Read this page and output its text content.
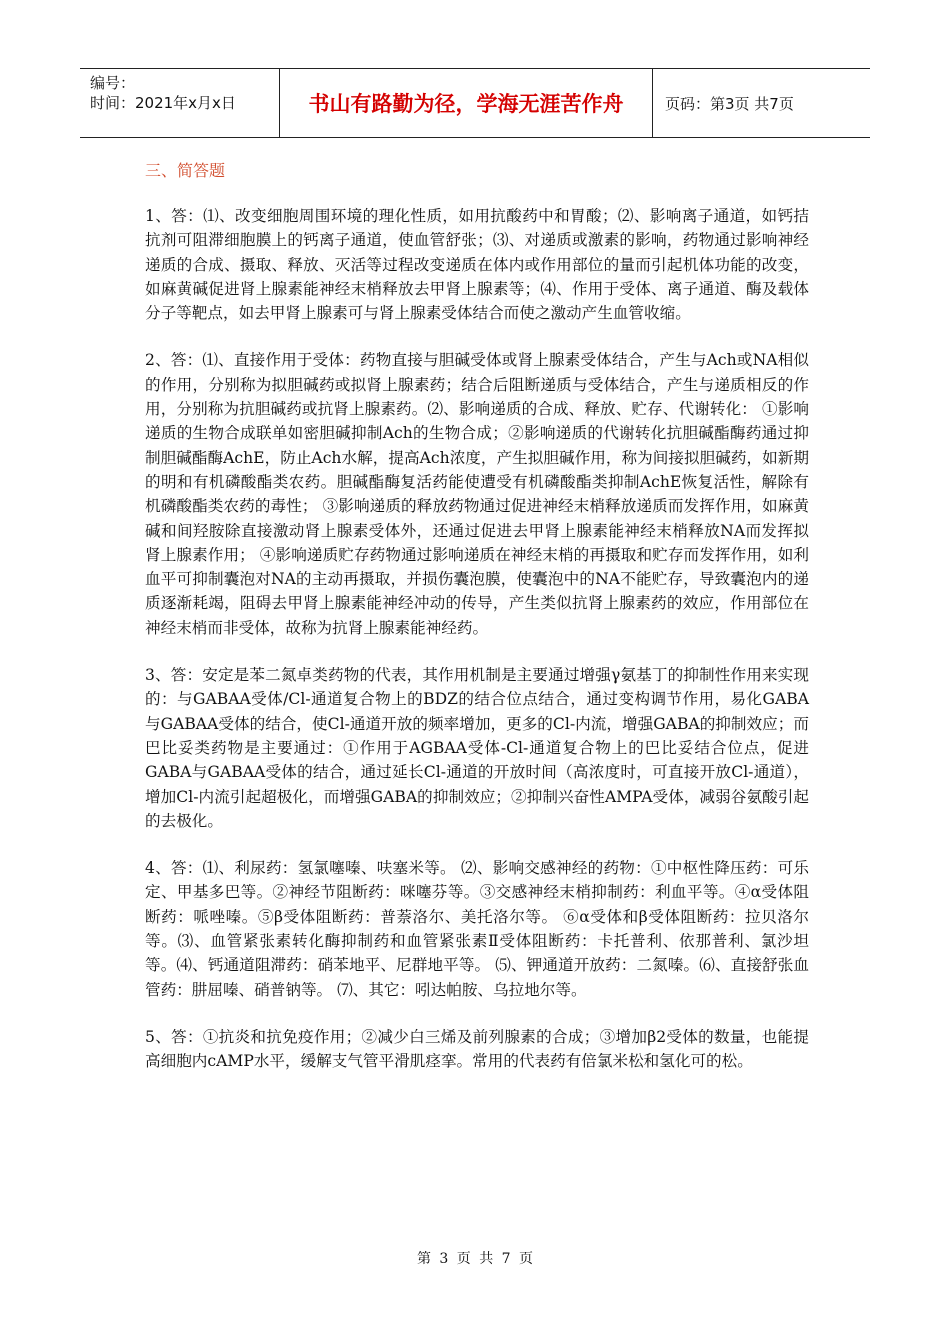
编号：
时间：2021年x月x日	书山有路勤为径，学海无涯苦作舟	页码：第3页 共7页

三、简答题

1、答：⑴、改变细胞周围环境的理化性质，如用抗酸药中和胃酸；⑵、影响离子通道，如钙拮抗剂可阻滞细胞膜上的钙离子通道，使血管舒张；⑶、对递质或激素的影响，药物通过影响神经递质的合成、摄取、释放、灭活等过程改变递质在体内或作用部位的量而引起机体功能的改变，如麻黄碱促进肾上腺素能神经末梢释放去甲肾上腺素等；⑷、作用于受体、离子通道、酶及载体分子等靶点，如去甲肾上腺素可与肾上腺素受体结合而使之激动产生血管收缩。

2、答：⑴、直接作用于受体：药物直接与胆碱受体或肾上腺素受体结合，产生与Ach或NA相似的作用，分别称为拟胆碱药或拟肾上腺素药；结合后阻断递质与受体结合，产生与递质相反的作用，分别称为抗胆碱药或抗肾上腺素药。⑵、影响递质的合成、释放、贮存、代谢转化： ①影响递质的生物合成联单如密胆碱抑制Ach的生物合成；②影响递质的代谢转化抗胆碱酯酶药通过抑制胆碱酯酶AchE，防止Ach水解，提高Ach浓度，产生拟胆碱作用，称为间接拟胆碱药，如新期的明和有机磷酸酯类农药。胆碱酯酶复活药能使遭受有机磷酸酯类抑制AchE恢复活性，解除有机磷酸酯类农药的毒性； ③影响递质的释放药物通过促进神经末梢释放递质而发挥作用，如麻黄碱和间羟胺除直接激动肾上腺素受体外，还通过促进去甲肾上腺素能神经末梢释放NA而发挥拟肾上腺素作用； ④影响递质贮存药物通过影响递质在神经末梢的再摄取和贮存而发挥作用，如利血平可抑制囊泡对NA的主动再摄取，并损伤囊泡膜，使囊泡中的NA不能贮存，导致囊泡内的递质逐渐耗竭，阻碍去甲肾上腺素能神经冲动的传导，产生类似抗肾上腺素药的效应，作用部位在神经末梢而非受体，故称为抗肾上腺素能神经药。

3、答：安定是苯二氮卓类药物的代表，其作用机制是主要通过增强γ氨基丁的抑制性作用来实现的：与GABAA受体/Cl-通道复合物上的BDZ的结合位点结合，通过变构调节作用，易化GABA与GABAA受体的结合，使Cl-通道开放的频率增加，更多的Cl-内流，增强GABA的抑制效应；而巴比妥类药物是主要通过：①作用于AGBAA受体-Cl-通道复合物上的巴比妥结合位点，促进GABA与GABAA受体的结合，通过延长Cl-通道的开放时间（高浓度时，可直接开放Cl-通道），增加Cl-内流引起超极化，而增强GABA的抑制效应；②抑制兴奋性AMPA受体，减弱谷氨酸引起的去极化。

4、答：⑴、利尿药：氢氯噻嗪、呋塞米等。 ⑵、影响交感神经的药物：①中枢性降压药：可乐定、甲基多巴等。②神经节阻断药：咪噻芬等。③交感神经末梢抑制药：利血平等。④α受体阻断药：哌唑嗪。⑤β受体阻断药：普萘洛尔、美托洛尔等。 ⑥α受体和β受体阻断药：拉贝洛尔等。⑶、血管紧张素转化酶抑制药和血管紧张素Ⅱ受体阻断药：卡托普利、依那普利、氯沙坦等。⑷、钙通道阻滞药：硝苯地平、尼群地平等。 ⑸、钾通道开放药：二氮嗪。⑹、直接舒张血管药：肼屈嗪、硝普钠等。 ⑺、其它：吲达帕胺、乌拉地尔等。

5、答：①抗炎和抗免疫作用；②减少白三烯及前列腺素的合成；③增加β2受体的数量，也能提高细胞内cAMP水平，缓解支气管平滑肌痉挛。常用的代表药有倍氯米松和氢化可的松。

第 3 页 共 7 页
